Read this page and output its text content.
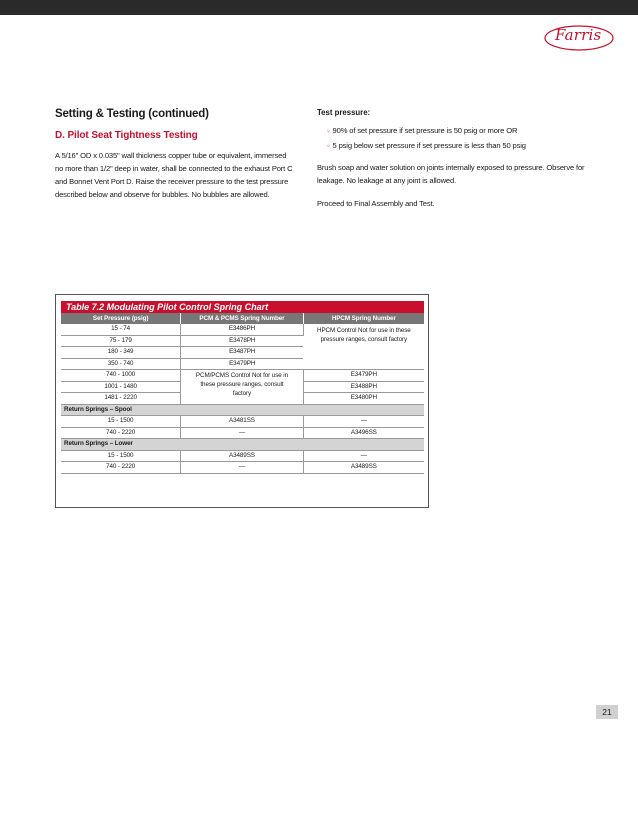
Farris

Setting & Testing (continued)

D. Pilot Seat Tightness Testing

A 5/16" OD x 0.035" wall thickness copper tube or equivalent, immersed no more than 1/2" deep in water, shall be connected to the exhaust Port C and Bonnet Vent Port D. Raise the receiver pressure to the test pressure described below and observe for bubbles. No bubbles are allowed.

Test pressure:

◦ 90% of set pressure if set pressure is 50 psig or more OR

◦ 5 psig below set pressure if set pressure is less than 50 psig

Brush soap and water solution on joints internally exposed to pressure. Observe for leakage. No leakage at any joint is allowed.

Proceed to Final Assembly and Test.

Table 7.2 Modulating Pilot Control Spring Chart
Set Pressure (psig)	PCM & PCMS Spring Number	HPCM Spring Number
15 - 74	E3486PH	HPCM Control Not for use in these pressure ranges, consult factory
75 - 179	E3478PH	
180 - 349	E3487PH	
350 - 740	E3479PH	
740 - 1000	PCM/PCMS Control Not for use in these pressure ranges, consult factory	E3479PH
1001 - 1480		E3488PH
1481 - 2220		E3480PH
Return Springs – Spool		
15 - 1500	A3481SS	—
740 - 2220	—	A3496SS
Return Springs – Lower		
15 - 1500	A3489SS	—
740 - 2220	—	A3489SS
21
